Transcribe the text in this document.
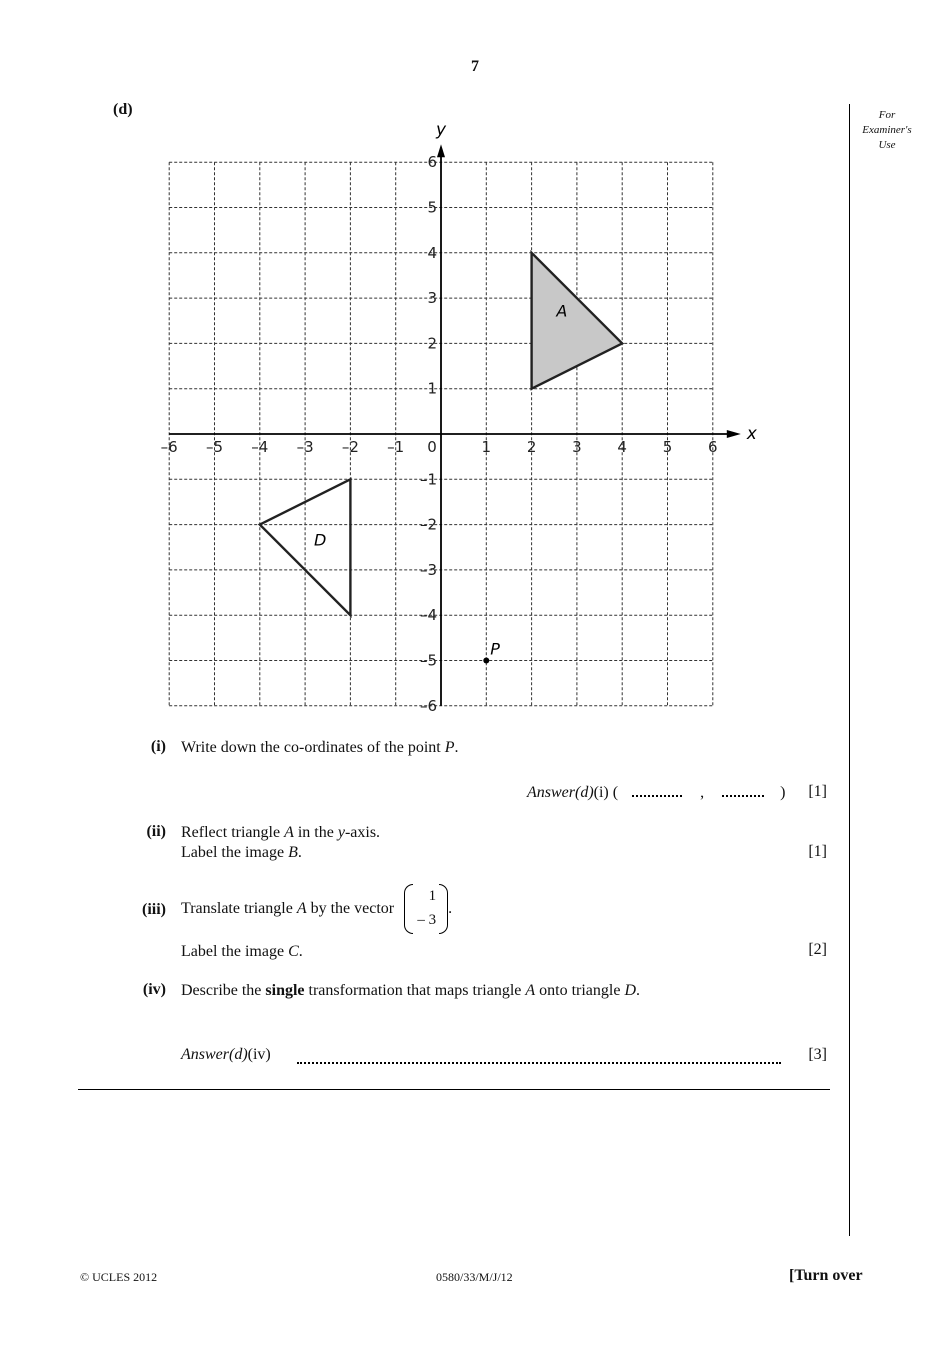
7
(d)	For
Examiner's
Use
x
y
–6 –5 –4 –3 –2 –1 0	1 2 3 4 5 6
6
5
4
3
2
1
–1
–2
–3
–4
–5
–6
A
D
P
(i) Write down the co-ordinates of the point P.
Answer(d)(i) (	,	)	[1]
(ii) Reflect triangle A in the y-axis.
Label the image B.	[1]
(iii) Translate triangle A by the vector
1
– 3
.
Label the image C.	[2]
(iv) Describe the single transformation that maps triangle A onto triangle D.
Answer(d)(iv)	[3]
© UCLES 2012	0580/33/M/J/12	[Turn over
